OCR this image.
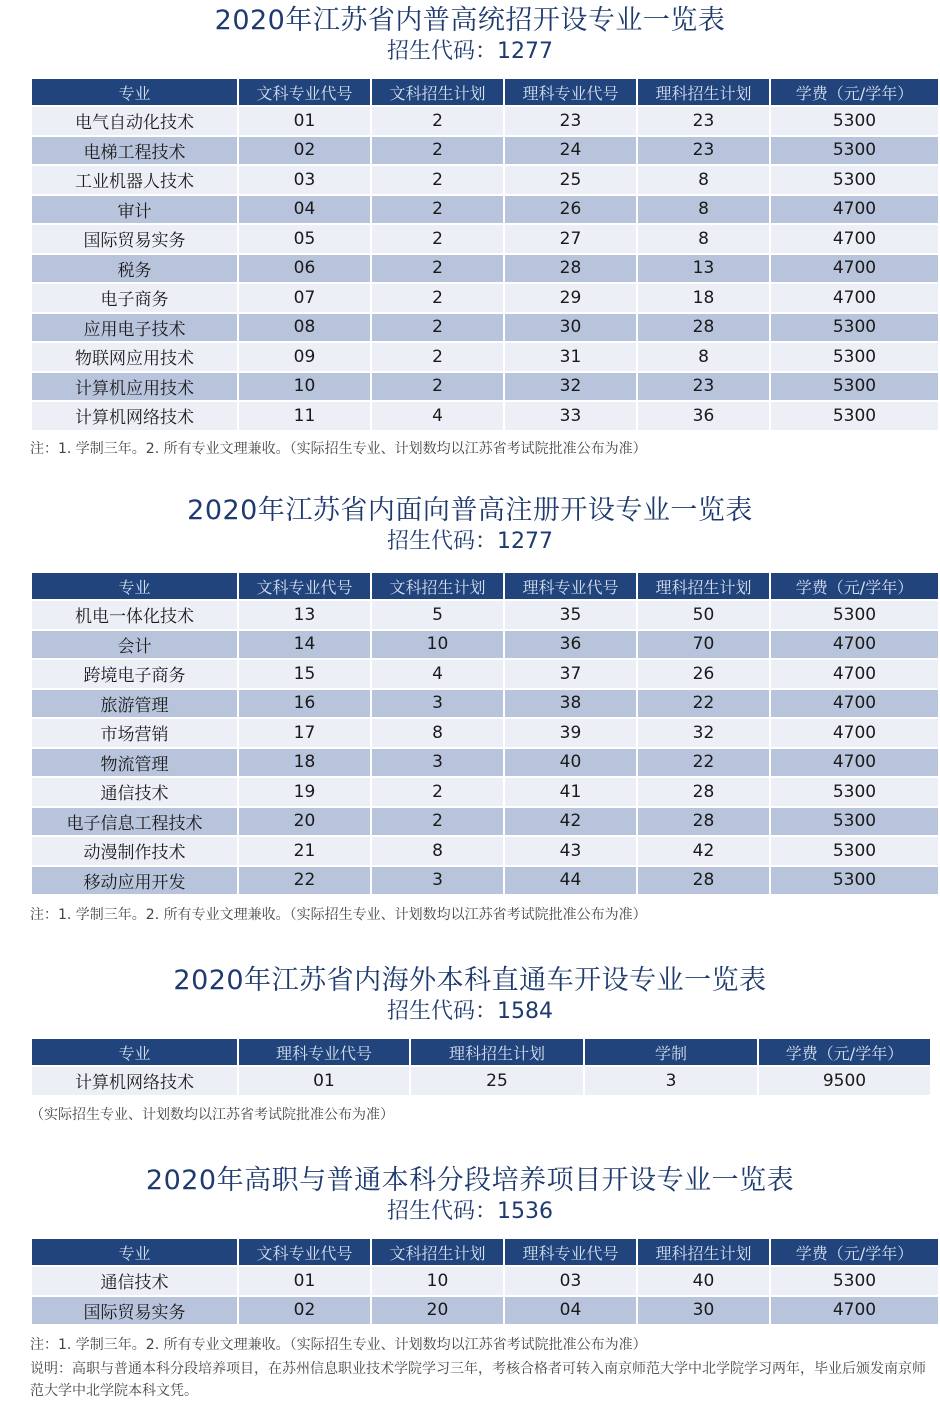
2020年江苏省内普高统招开设专业一览表
招生代码：1277
专业	文科专业代号	文科招生计划	理科专业代号	理科招生计划	学费（元/学年）
电气自动化技术	01	2	23	23	5300
电梯工程技术	02	2	24	23	5300
工业机器人技术	03	2	25	8	5300
审计	04	2	26	8	4700
国际贸易实务	05	2	27	8	4700
税务	06	2	28	13	4700
电子商务	07	2	29	18	4700
应用电子技术	08	2	30	28	5300
物联网应用技术	09	2	31	8	5300
计算机应用技术	10	2	32	23	5300
计算机网络技术	11	4	33	36	5300
注：1. 学制三年。2. 所有专业文理兼收。（实际招生专业、计划数均以江苏省考试院批准公布为准）
2020年江苏省内面向普高注册开设专业一览表
招生代码：1277
专业	文科专业代号	文科招生计划	理科专业代号	理科招生计划	学费（元/学年）
机电一体化技术	13	5	35	50	5300
会计	14	10	36	70	4700
跨境电子商务	15	4	37	26	4700
旅游管理	16	3	38	22	4700
市场营销	17	8	39	32	4700
物流管理	18	3	40	22	4700
通信技术	19	2	41	28	5300
电子信息工程技术	20	2	42	28	5300
动漫制作技术	21	8	43	42	5300
移动应用开发	22	3	44	28	5300
注：1. 学制三年。2. 所有专业文理兼收。（实际招生专业、计划数均以江苏省考试院批准公布为准）
2020年江苏省内海外本科直通车开设专业一览表
招生代码：1584
专业	理科专业代号	理科招生计划	学制	学费（元/学年）
计算机网络技术	01	25	3	9500
（实际招生专业、计划数均以江苏省考试院批准公布为准）
2020年高职与普通本科分段培养项目开设专业一览表
招生代码：1536
专业	文科专业代号	文科招生计划	理科专业代号	理科招生计划	学费（元/学年）
通信技术	01	10	03	40	5300
国际贸易实务	02	20	04	30	4700
注：1. 学制三年。2. 所有专业文理兼收。（实际招生专业、计划数均以江苏省考试院批准公布为准）
说明：高职与普通本科分段培养项目，在苏州信息职业技术学院学习三年，考核合格者可转入南京师范大学中北学院学习两年，毕业后颁发南京师范大学中北学院本科文凭。
